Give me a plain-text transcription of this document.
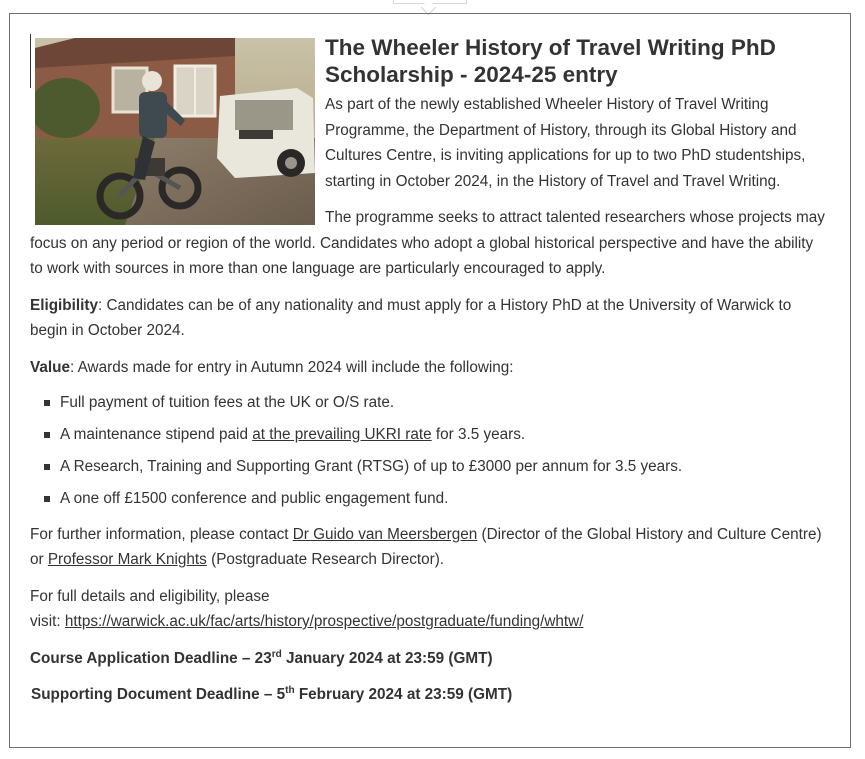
The Wheeler History of Travel Writing PhD Scholarship - 2024-25 entry

As part of the newly established Wheeler History of Travel Writing Programme, the Department of History, through its Global History and Cultures Centre, is inviting applications for up to two PhD studentships, starting in October 2024, in the History of Travel and Travel Writing.

The programme seeks to attract talented researchers whose projects may focus on any period or region of the world. Candidates who adopt a global historical perspective and have the ability to work with sources in more than one language are particularly encouraged to apply.

Eligibility: Candidates can be of any nationality and must apply for a History PhD at the University of Warwick to begin in October 2024.

Value: Awards made for entry in Autumn 2024 will include the following:

Full payment of tuition fees at the UK or O/S rate.
A maintenance stipend paid at the prevailing UKRI rate for 3.5 years.
A Research, Training and Supporting Grant (RTSG) of up to £3000 per annum for 3.5 years.
A one off £1500 conference and public engagement fund.

For further information, please contact Dr Guido van Meersbergen (Director of the Global History and Culture Centre) or Professor Mark Knights (Postgraduate Research Director).

For full details and eligibility, please
visit: https://warwick.ac.uk/fac/arts/history/prospective/postgraduate/funding/whtw/

Course Application Deadline – 23rd January 2024 at 23:59 (GMT)

Supporting Document Deadline – 5th February 2024 at 23:59 (GMT)
